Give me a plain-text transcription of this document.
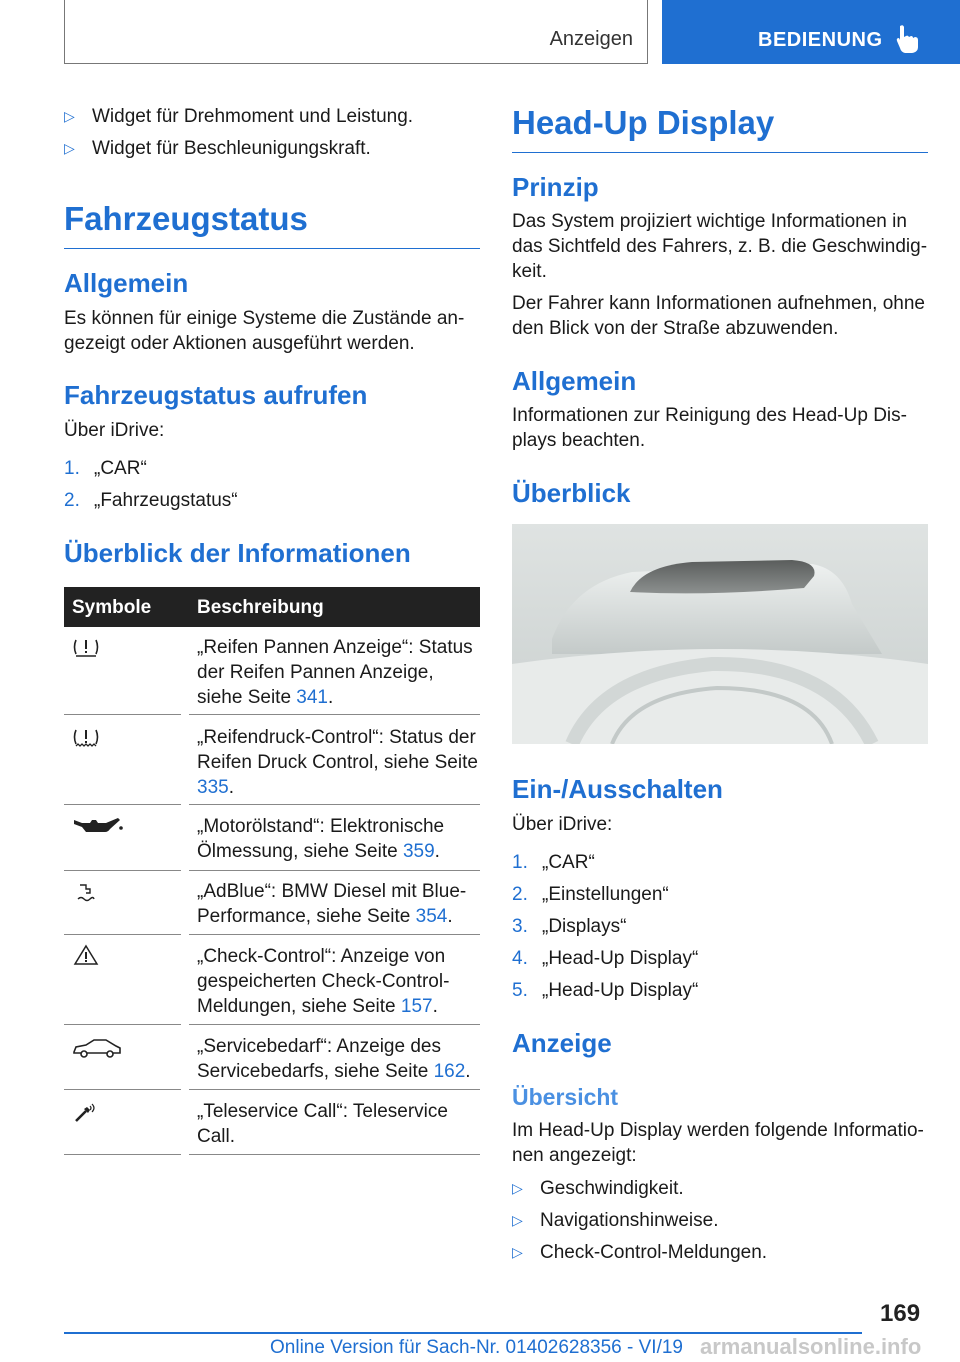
Anzeigen	BEDIENUNG
▷ Widget für Drehmoment und Leistung.
▷ Widget für Beschleunigungskraft.
Fahrzeugstatus
Allgemein
Es können für einige Systeme die Zustände angezeigt oder Aktionen ausgeführt werden.
Fahrzeugstatus aufrufen
Über iDrive:
1. „CAR“
2. „Fahrzeugstatus“
Überblick der Informationen
Symbole Beschreibung
„Reifen Pannen Anzeige“: Status der Reifen Pannen Anzeige, siehe Seite 341.
„Reifendruck-Control“: Status der Reifen Druck Control, siehe Seite 335.
„Motorölstand“: Elektronische Ölmessung, siehe Seite 359.
„AdBlue“: BMW Diesel mit BluePerformance, siehe Seite 354.
„Check-Control“: Anzeige von gespeicherten Check-Control-Meldungen, siehe Seite 157.
„Servicebedarf“: Anzeige des Servicebedarfs, siehe Seite 162.
„Teleservice Call“: Teleservice Call.
Head-Up Display
Prinzip
Das System projiziert wichtige Informationen in das Sichtfeld des Fahrers, z. B. die Geschwindigkeit.
Der Fahrer kann Informationen aufnehmen, ohne den Blick von der Straße abzuwenden.
Allgemein
Informationen zur Reinigung des Head-Up Displays beachten.
Überblick
Ein-/Ausschalten
Über iDrive:
1. „CAR“
2. „Einstellungen“
3. „Displays“
4. „Head-Up Display“
5. „Head-Up Display“
Anzeige
Übersicht
Im Head-Up Display werden folgende Informationen angezeigt:
▷ Geschwindigkeit.
▷ Navigationshinweise.
▷ Check-Control-Meldungen.
169
Online Version für Sach-Nr. 01402628356 - VI/19 armanualsonline.info
